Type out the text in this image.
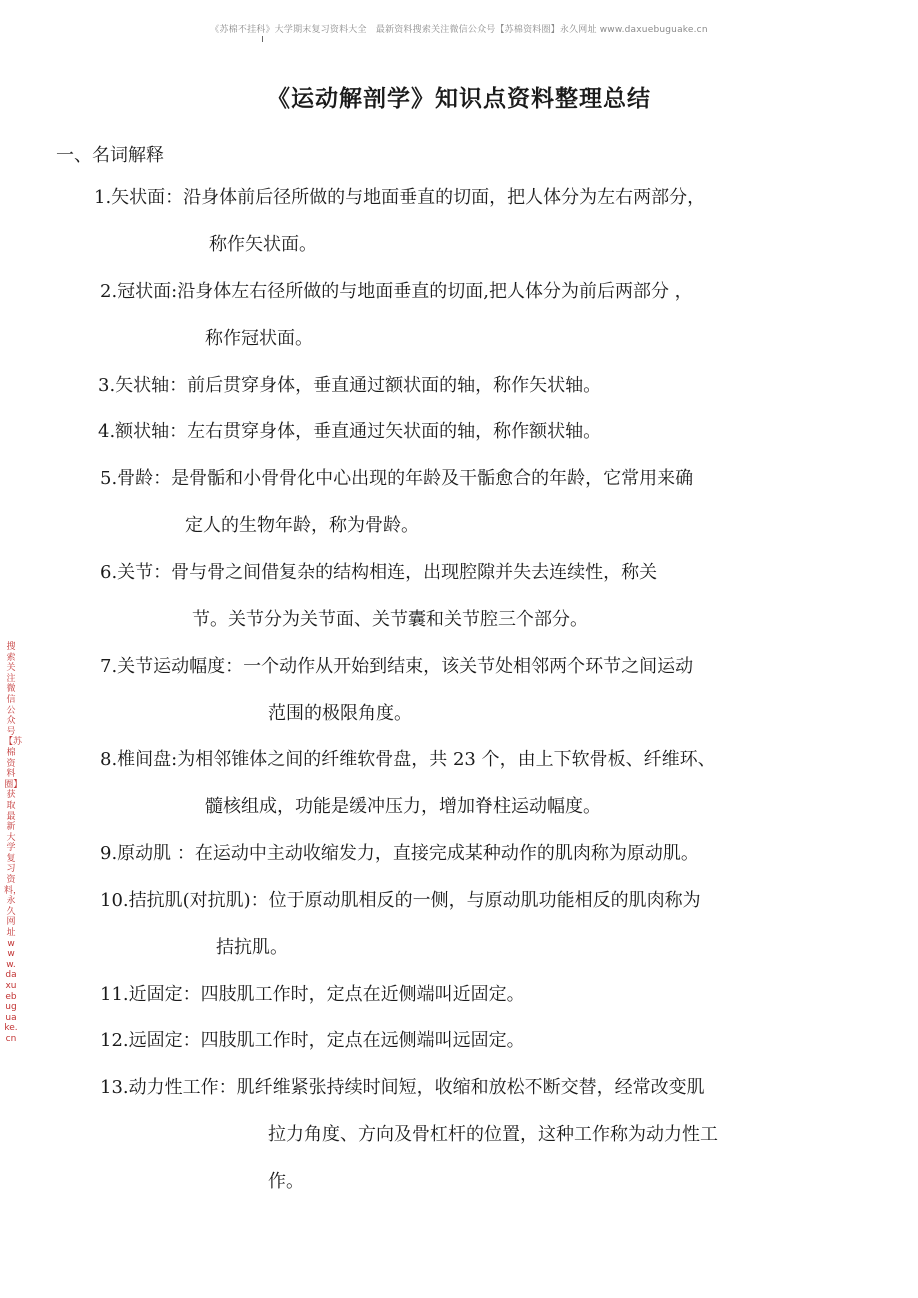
《苏棉不挂科》大学期末复习资料大全　最新资料搜索关注微信公众号【苏棉资料圈】永久网址 www.daxuebuguake.cn
搜索关注微信公众号【苏棉资料圈】获取最新大学复习资料，永久网址www.daxuebuguake.cn
《运动解剖学》知识点资料整理总结
一、名词解释
1.矢状面：沿身体前后径所做的与地面垂直的切面，把人体分为左右两部分，
称作矢状面。
2.冠状面:沿身体左右径所做的与地面垂直的切面,把人体分为前后两部分 ，
称作冠状面。
3.矢状轴：前后贯穿身体，垂直通过额状面的轴，称作矢状轴。
4.额状轴：左右贯穿身体，垂直通过矢状面的轴，称作额状轴。
5.骨龄：是骨骺和小骨骨化中心出现的年龄及干骺愈合的年龄，它常用来确
定人的生物年龄，称为骨龄。
6.关节：骨与骨之间借复杂的结构相连，出现腔隙并失去连续性，称关
节。关节分为关节面、关节囊和关节腔三个部分。
7.关节运动幅度：一个动作从开始到结束，该关节处相邻两个环节之间运动
范围的极限角度。
8.椎间盘:为相邻锥体之间的纤维软骨盘，共 23 个，由上下软骨板、纤维环、
髓核组成，功能是缓冲压力，增加脊柱运动幅度。
9.原动肌 ：在运动中主动收缩发力，直接完成某种动作的肌肉称为原动肌。
10.拮抗肌(对抗肌)：位于原动肌相反的一侧，与原动肌功能相反的肌肉称为
拮抗肌。
11.近固定：四肢肌工作时，定点在近侧端叫近固定。
12.远固定：四肢肌工作时，定点在远侧端叫远固定。
13.动力性工作：肌纤维紧张持续时间短，收缩和放松不断交替，经常改变肌
拉力角度、方向及骨杠杆的位置，这种工作称为动力性工
作。
